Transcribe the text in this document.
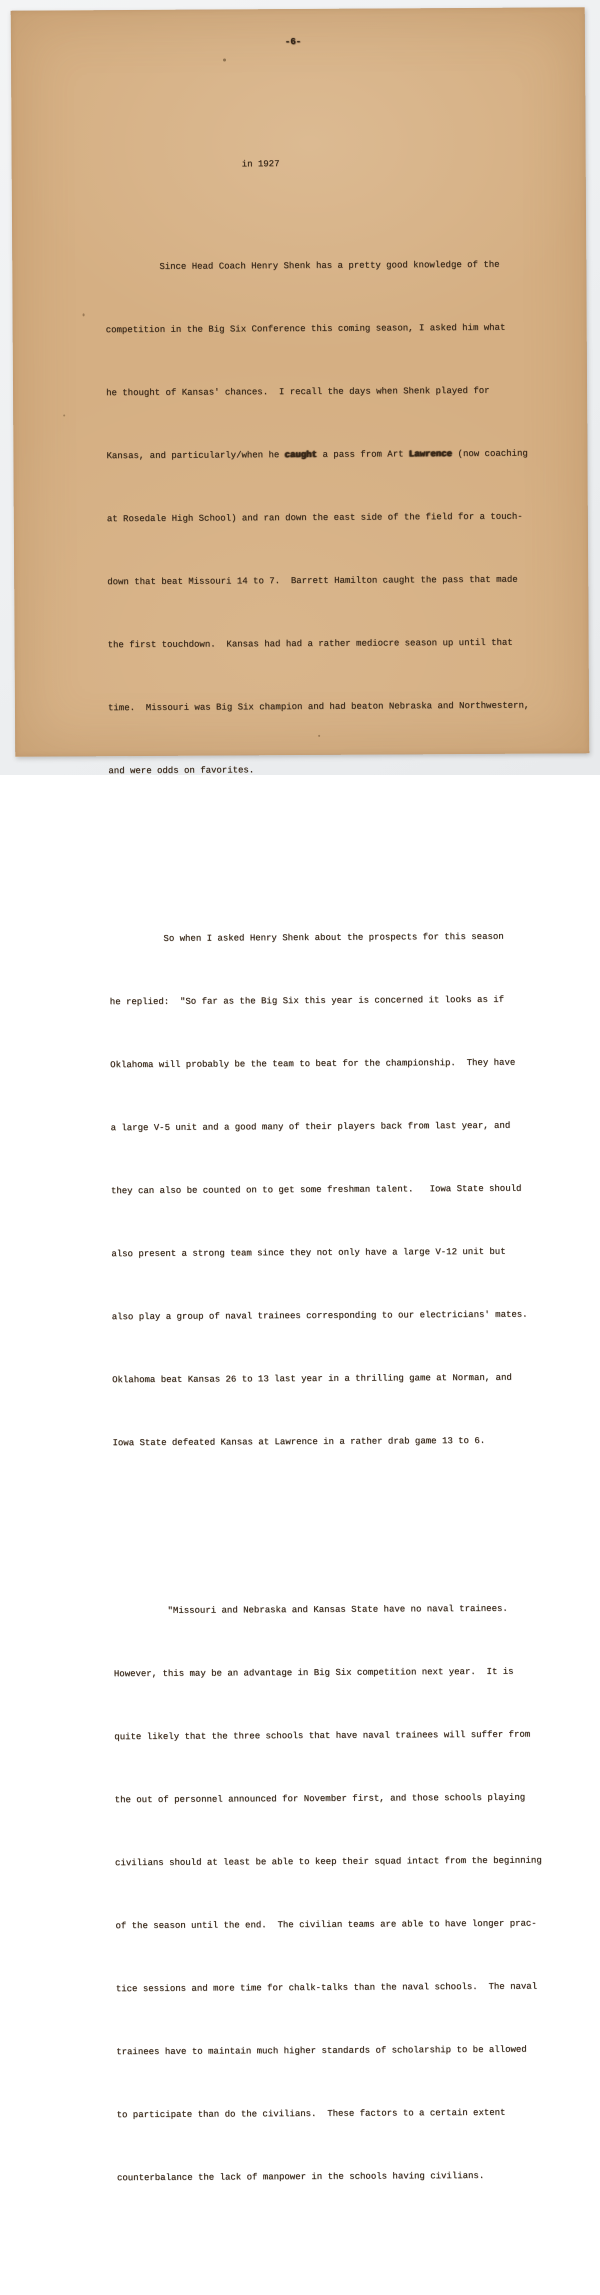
-6-

in 1927

Since Head Coach Henry Shenk has a pretty good knowledge of the

competition in the Big Six Conference this coming season, I asked him what

he thought of Kansas' chances.  I recall the days when Shenk played for

Kansas, and particularly/when he caught a pass from Art Lawrence (now coaching

at Rosedale High School) and ran down the east side of the field for a touch-

down that beat Missouri 14 to 7.  Barrett Hamilton caught the pass that made

the first touchdown.  Kansas had had a rather mediocre season up until that

time.  Missouri was Big Six champion and had beaton Nebraska and Northwestern,

and were odds on favorites.

So when I asked Henry Shenk about the prospects for this season

he replied:  "So far as the Big Six this year is concerned it looks as if

Oklahoma will probably be the team to beat for the championship.  They have

a large V-5 unit and a good many of their players back from last year, and

they can also be counted on to get some freshman talent.   Iowa State should

also present a strong team since they not only have a large V-12 unit but

also play a group of naval trainees corresponding to our electricians' mates.

Oklahoma beat Kansas 26 to 13 last year in a thrilling game at Norman, and

Iowa State defeated Kansas at Lawrence in a rather drab game 13 to 6.

"Missouri and Nebraska and Kansas State have no naval trainees.

However, this may be an advantage in Big Six competition next year.  It is

quite likely that the three schools that have naval trainees will suffer from

the out of personnel announced for November first, and those schools playing

civilians should at least be able to keep their squad intact from the beginning

of the season until the end.  The civilian teams are able to have longer prac-

tice sessions and more time for chalk-talks than the naval schools.  The naval

trainees have to maintain much higher standards of scholarship to be allowed

to participate than do the civilians.  These factors to a certain extent

counterbalance the lack of manpower in the schools having civilians.
